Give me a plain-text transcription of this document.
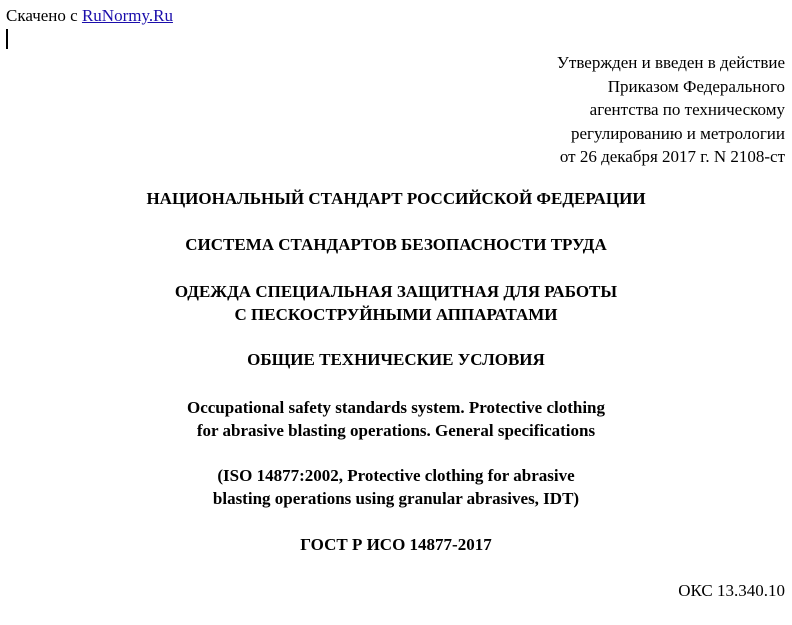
Скачено с RuNormy.Ru
Утвержден и введен в действие
Приказом Федерального
агентства по техническому
регулированию и метрологии
от 26 декабря 2017 г. N 2108-ст
НАЦИОНАЛЬНЫЙ СТАНДАРТ РОССИЙСКОЙ ФЕДЕРАЦИИ
СИСТЕМА СТАНДАРТОВ БЕЗОПАСНОСТИ ТРУДА
ОДЕЖДА СПЕЦИАЛЬНАЯ ЗАЩИТНАЯ ДЛЯ РАБОТЫ
С ПЕСКОСТРУЙНЫМИ АППАРАТАМИ
ОБЩИЕ ТЕХНИЧЕСКИЕ УСЛОВИЯ
Occupational safety standards system. Protective clothing
for abrasive blasting operations. General specifications
(ISO 14877:2002, Protective clothing for abrasive
blasting operations using granular abrasives, IDT)
ГОСТ Р ИСО 14877-2017
ОКС 13.340.10
